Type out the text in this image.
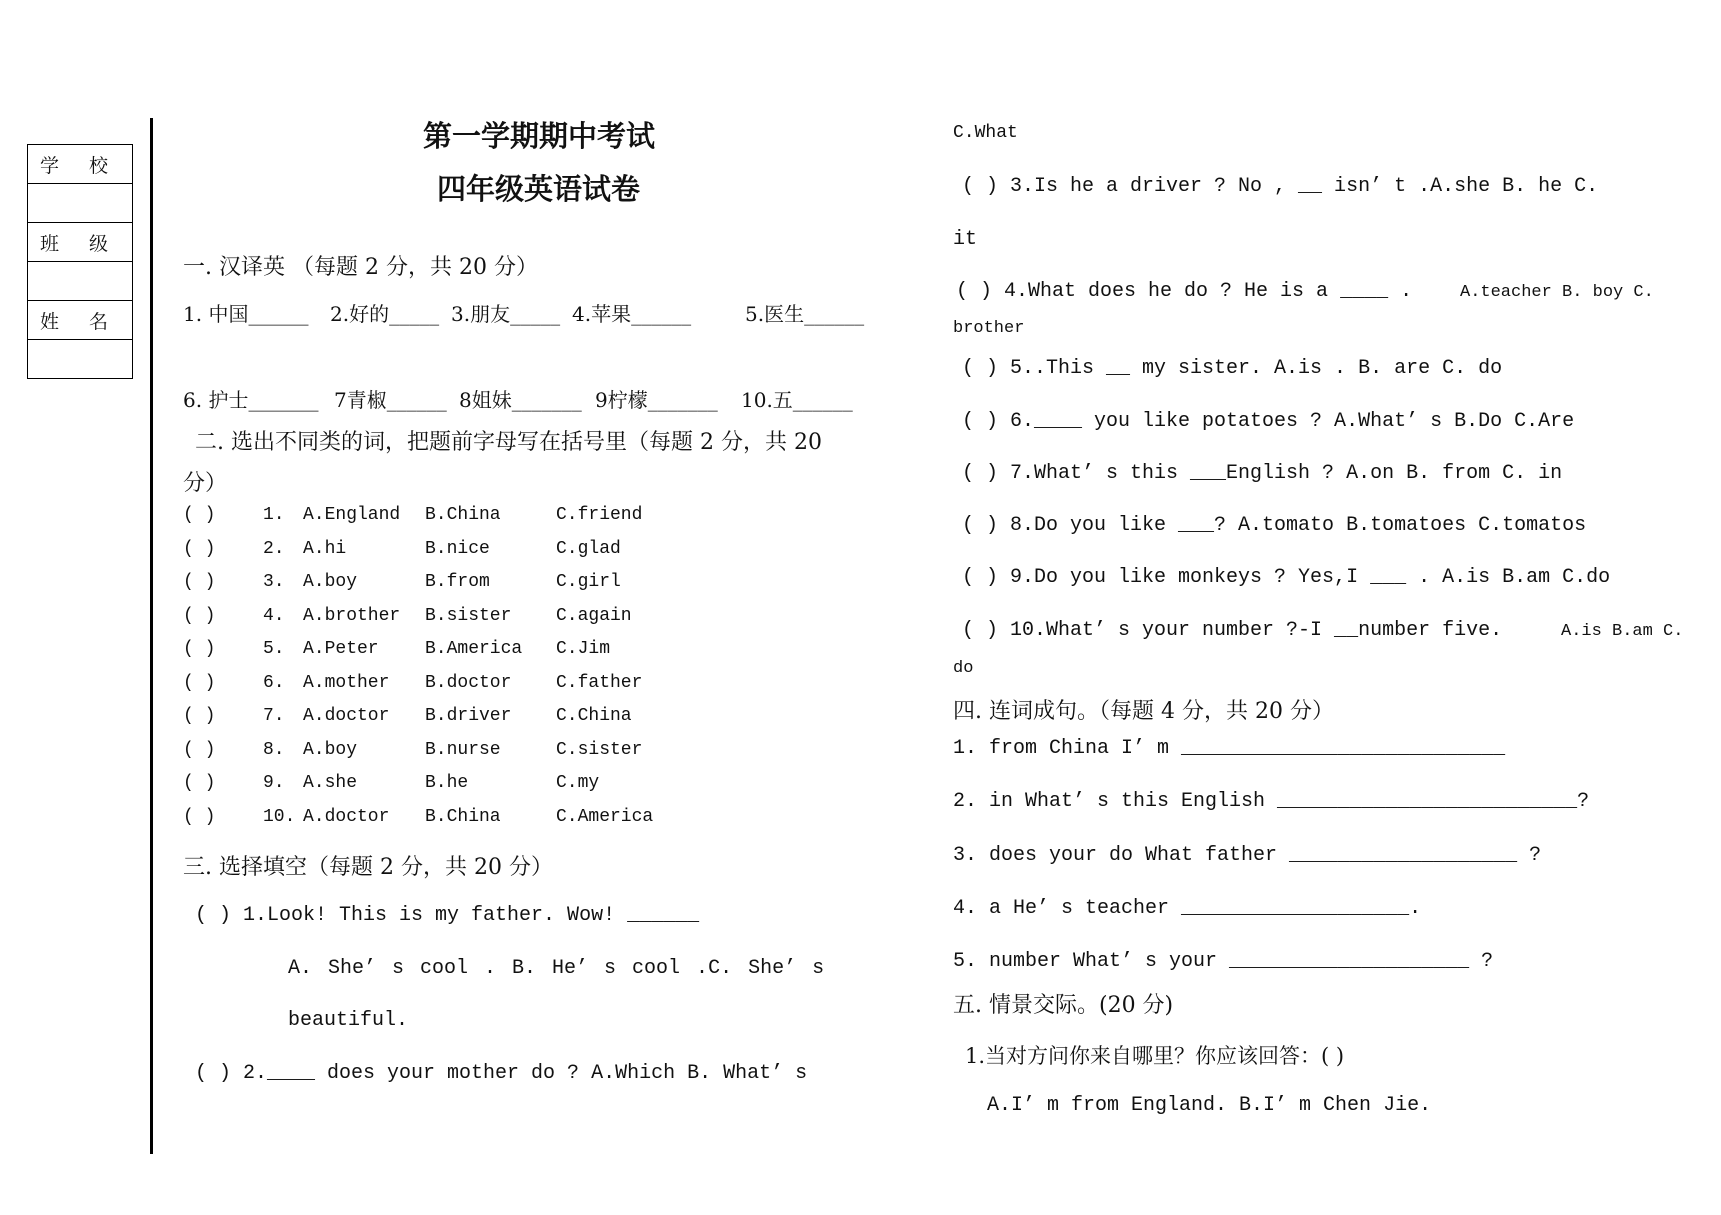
学 校

班 级

姓 名

第一学期期中考试
四年级英语试卷
一. 汉译英 （每题 2 分，共 20 分）
1. 中国______ 2.好的_____ 3.朋友_____ 4.苹果______	5.医生______
6. 护士_______ 7青椒______ 8姐妹_______ 9柠檬_______ 10.五______
二. 选出不同类的词，把题前字母写在括号里（每题 2 分，共 20
分）
( )	1. A.England B.China	C.friend
( )	2. A.hi	B.nice	C.glad
( )	3. A.boy	B.from	C.girl
( )	4. A.brother B.sister C.again
( )	5. A.Peter	B.America C.Jim
( )	6. A.mother B.doctor C.father
( )	7. A.doctor B.driver C.China
( )	8. A.boy	B.nurse	C.sister
( )	9. A.she	B.he	C.my
( )	10. A.doctor B.China	C.America
三. 选择填空（每题 2 分，共 20 分）
( ) 1.Look! This is my father. Wow! ______
A. She’ s cool . B. He’ s cool .C. She’ s
beautiful.
( ) 2.____ does your mother do ? A.Which B. What’ s
C.What
( ) 3.Is he a driver ? No , __ isn’ t .A.she B. he C.
it
( ) 4.What does he do ? He is a ____ .	A.teacher B. boy C.
brother
( ) 5..This __ my sister. A.is . B. are C. do
( ) 6.____ you like potatoes ? A.What’ s B.Do C.Are
( ) 7.What’ s this ___English ? A.on B. from C. in
( ) 8.Do you like ___? A.tomato B.tomatoes C.tomatos
( ) 9.Do you like monkeys ? Yes,I ___ . A.is B.am C.do
( ) 10.What’ s your number ?-I __number five.	A.is B.am C.
do
四. 连词成句。（每题 4 分，共 20 分）
1. from China I’ m ___________________________
2. in What’ s this English _________________________?
3. does your do What father ___________________ ?
4. a He’ s teacher ___________________.
5. number What’ s your ____________________ ?
五. 情景交际。(20 分)
1.当对方问你来自哪里？你应该回答：( )
A.I’ m from England. B.I’ m Chen Jie.
